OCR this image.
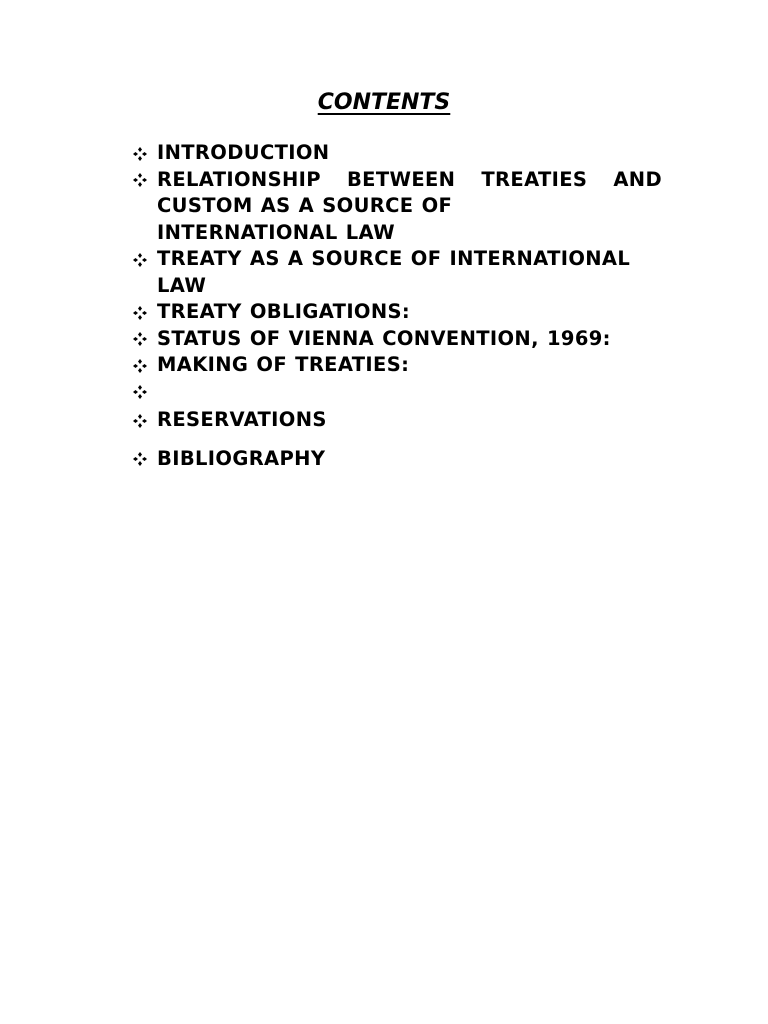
CONTENTS
INTRODUCTION
RELATIONSHIP BETWEEN TREATIES AND
CUSTOM AS A SOURCE OF
INTERNATIONAL LAW
TREATY AS A SOURCE OF INTERNATIONAL
LAW
TREATY OBLIGATIONS:
STATUS OF VIENNA CONVENTION, 1969:
MAKING OF TREATIES:

RESERVATIONS
BIBLIOGRAPHY
